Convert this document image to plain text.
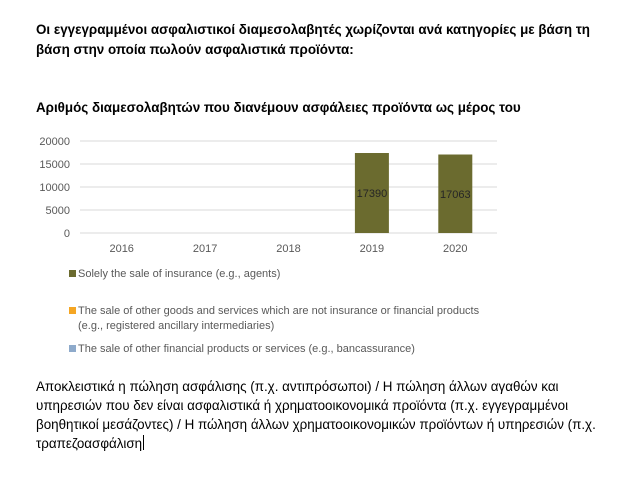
Οι εγγεγραμμένοι ασφαλιστικοί διαμεσολαβητές χωρίζονται ανά κατηγορίες με βάση τη βάση στην οποία πωλούν ασφαλιστικά προϊόντα:

Αριθμός διαμεσολαβητών που διανέμουν ασφάλειες προϊόντα ως μέρος του

0
5000
10000
15000
20000
2016	2017	2018	2019
17390
2020
17063
Solely the sale of insurance (e.g., agents)
The sale of other goods and services which are not insurance or financial products (e.g., registered ancillary intermediaries)
The sale of other financial products or services (e.g., bancassurance)

Αποκλειστικά η πώληση ασφάλισης (π.χ. αντιπρόσωποι) / Η πώληση άλλων αγαθών και υπηρεσιών που δεν είναι ασφαλιστικά ή χρηματοοικονομικά προϊόντα (π.χ. εγγεγραμμένοι βοηθητικοί μεσάζοντες) / Η πώληση άλλων χρηματοοικονομικών προϊόντων ή υπηρεσιών (π.χ. τραπεζοασφάλιση
